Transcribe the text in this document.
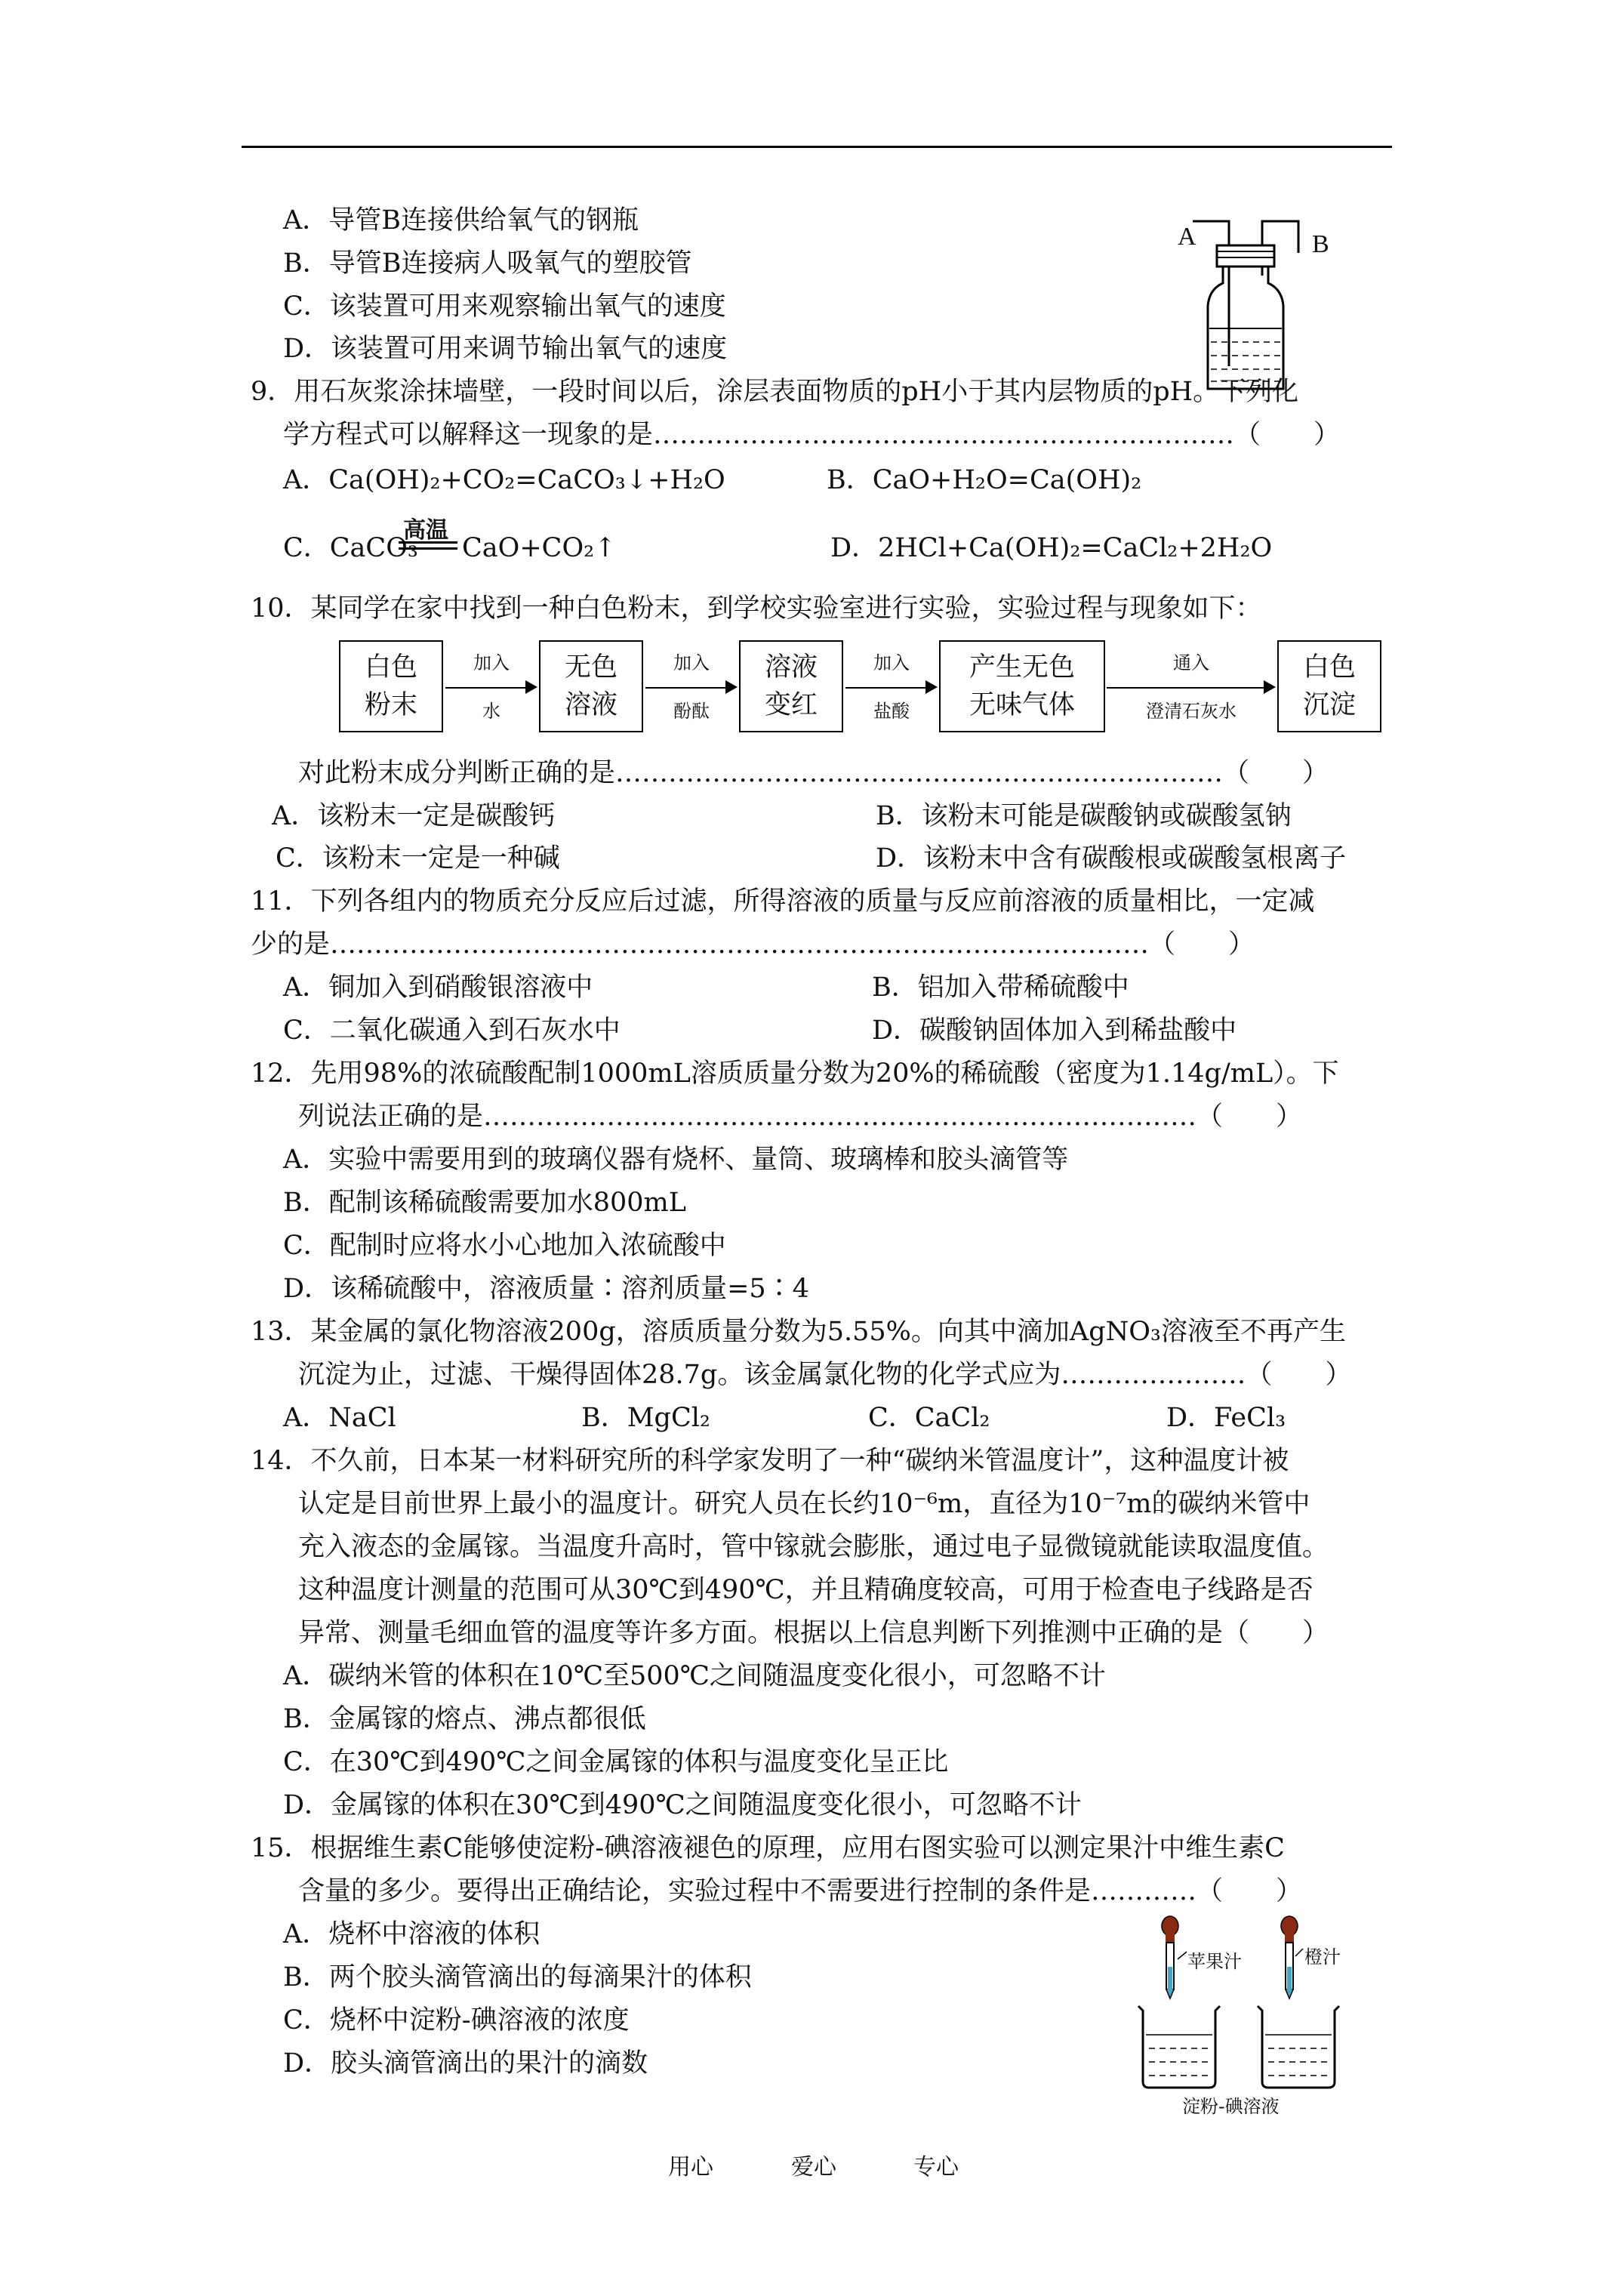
A．导管B连接供给氧气的钢瓶
B．导管B连接病人吸氧气的塑胶管
C．该装置可用来观察输出氧气的速度
D．该装置可用来调节输出氧气的速度
A	B
9．用石灰浆涂抹墙壁，一段时间以后，涂层表面物质的pH小于其内层物质的pH。下列化
学方程式可以解释这一现象的是…………………………………………………………（　　）
A．Ca(OH)₂+CO₂=CaCO₃↓+H₂O	B．CaO+H₂O=Ca(OH)₂
C．CaCO₃
高温
CaO+CO₂↑	D．2HCl+Ca(OH)₂=CaCl₂+2H₂O
10．某同学在家中找到一种白色粉末，到学校实验室进行实验，实验过程与现象如下：
白色
粉末
加入
水
无色
溶液
加入
酚酞
溶液
变红
加入
盐酸
产生无色
无味气体
通入
澄清石灰水
白色
沉淀
对此粉末成分判断正确的是……………………………………………………………（　　）
A．该粉末一定是碳酸钙	B．该粉末可能是碳酸钠或碳酸氢钠
C．该粉末一定是一种碱	D．该粉末中含有碳酸根或碳酸氢根离子
11．下列各组内的物质充分反应后过滤，所得溶液的质量与反应前溶液的质量相比，一定减
少的是…………………………………………………………………………………（　　）
A．铜加入到硝酸银溶液中	B．铝加入带稀硫酸中
C．二氧化碳通入到石灰水中	D．碳酸钠固体加入到稀盐酸中
12．先用98%的浓硫酸配制1000mL溶质质量分数为20%的稀硫酸（密度为1.14g/mL）。下
列说法正确的是………………………………………………………………………（　　）
A．实验中需要用到的玻璃仪器有烧杯、量筒、玻璃棒和胶头滴管等
B．配制该稀硫酸需要加水800mL
C．配制时应将水小心地加入浓硫酸中
D．该稀硫酸中，溶液质量∶溶剂质量=5∶4
13．某金属的氯化物溶液200g，溶质质量分数为5.55%。向其中滴加AgNO₃溶液至不再产生
沉淀为止，过滤、干燥得固体28.7g。该金属氯化物的化学式应为…………………（　　）
A．NaCl	B．MgCl₂	C．CaCl₂	D．FeCl₃
14．不久前，日本某一材料研究所的科学家发明了一种“碳纳米管温度计”，这种温度计被
认定是目前世界上最小的温度计。研究人员在长约10⁻⁶m，直径为10⁻⁷m的碳纳米管中
充入液态的金属镓。当温度升高时，管中镓就会膨胀，通过电子显微镜就能读取温度值。
这种温度计测量的范围可从30℃到490℃，并且精确度较高，可用于检查电子线路是否
异常、测量毛细血管的温度等许多方面。根据以上信息判断下列推测中正确的是（　　）
A．碳纳米管的体积在10℃至500℃之间随温度变化很小，可忽略不计
B．金属镓的熔点、沸点都很低
C．在30℃到490℃之间金属镓的体积与温度变化呈正比
D．金属镓的体积在30℃到490℃之间随温度变化很小，可忽略不计
15．根据维生素C能够使淀粉-碘溶液褪色的原理，应用右图实验可以测定果汁中维生素C
含量的多少。要得出正确结论，实验过程中不需要进行控制的条件是…………（　　）
A．烧杯中溶液的体积
B．两个胶头滴管滴出的每滴果汁的体积
C．烧杯中淀粉-碘溶液的浓度
D．胶头滴管滴出的果汁的滴数
苹果汁	橙汁
淀粉-碘溶液
用心	爱心	专心
